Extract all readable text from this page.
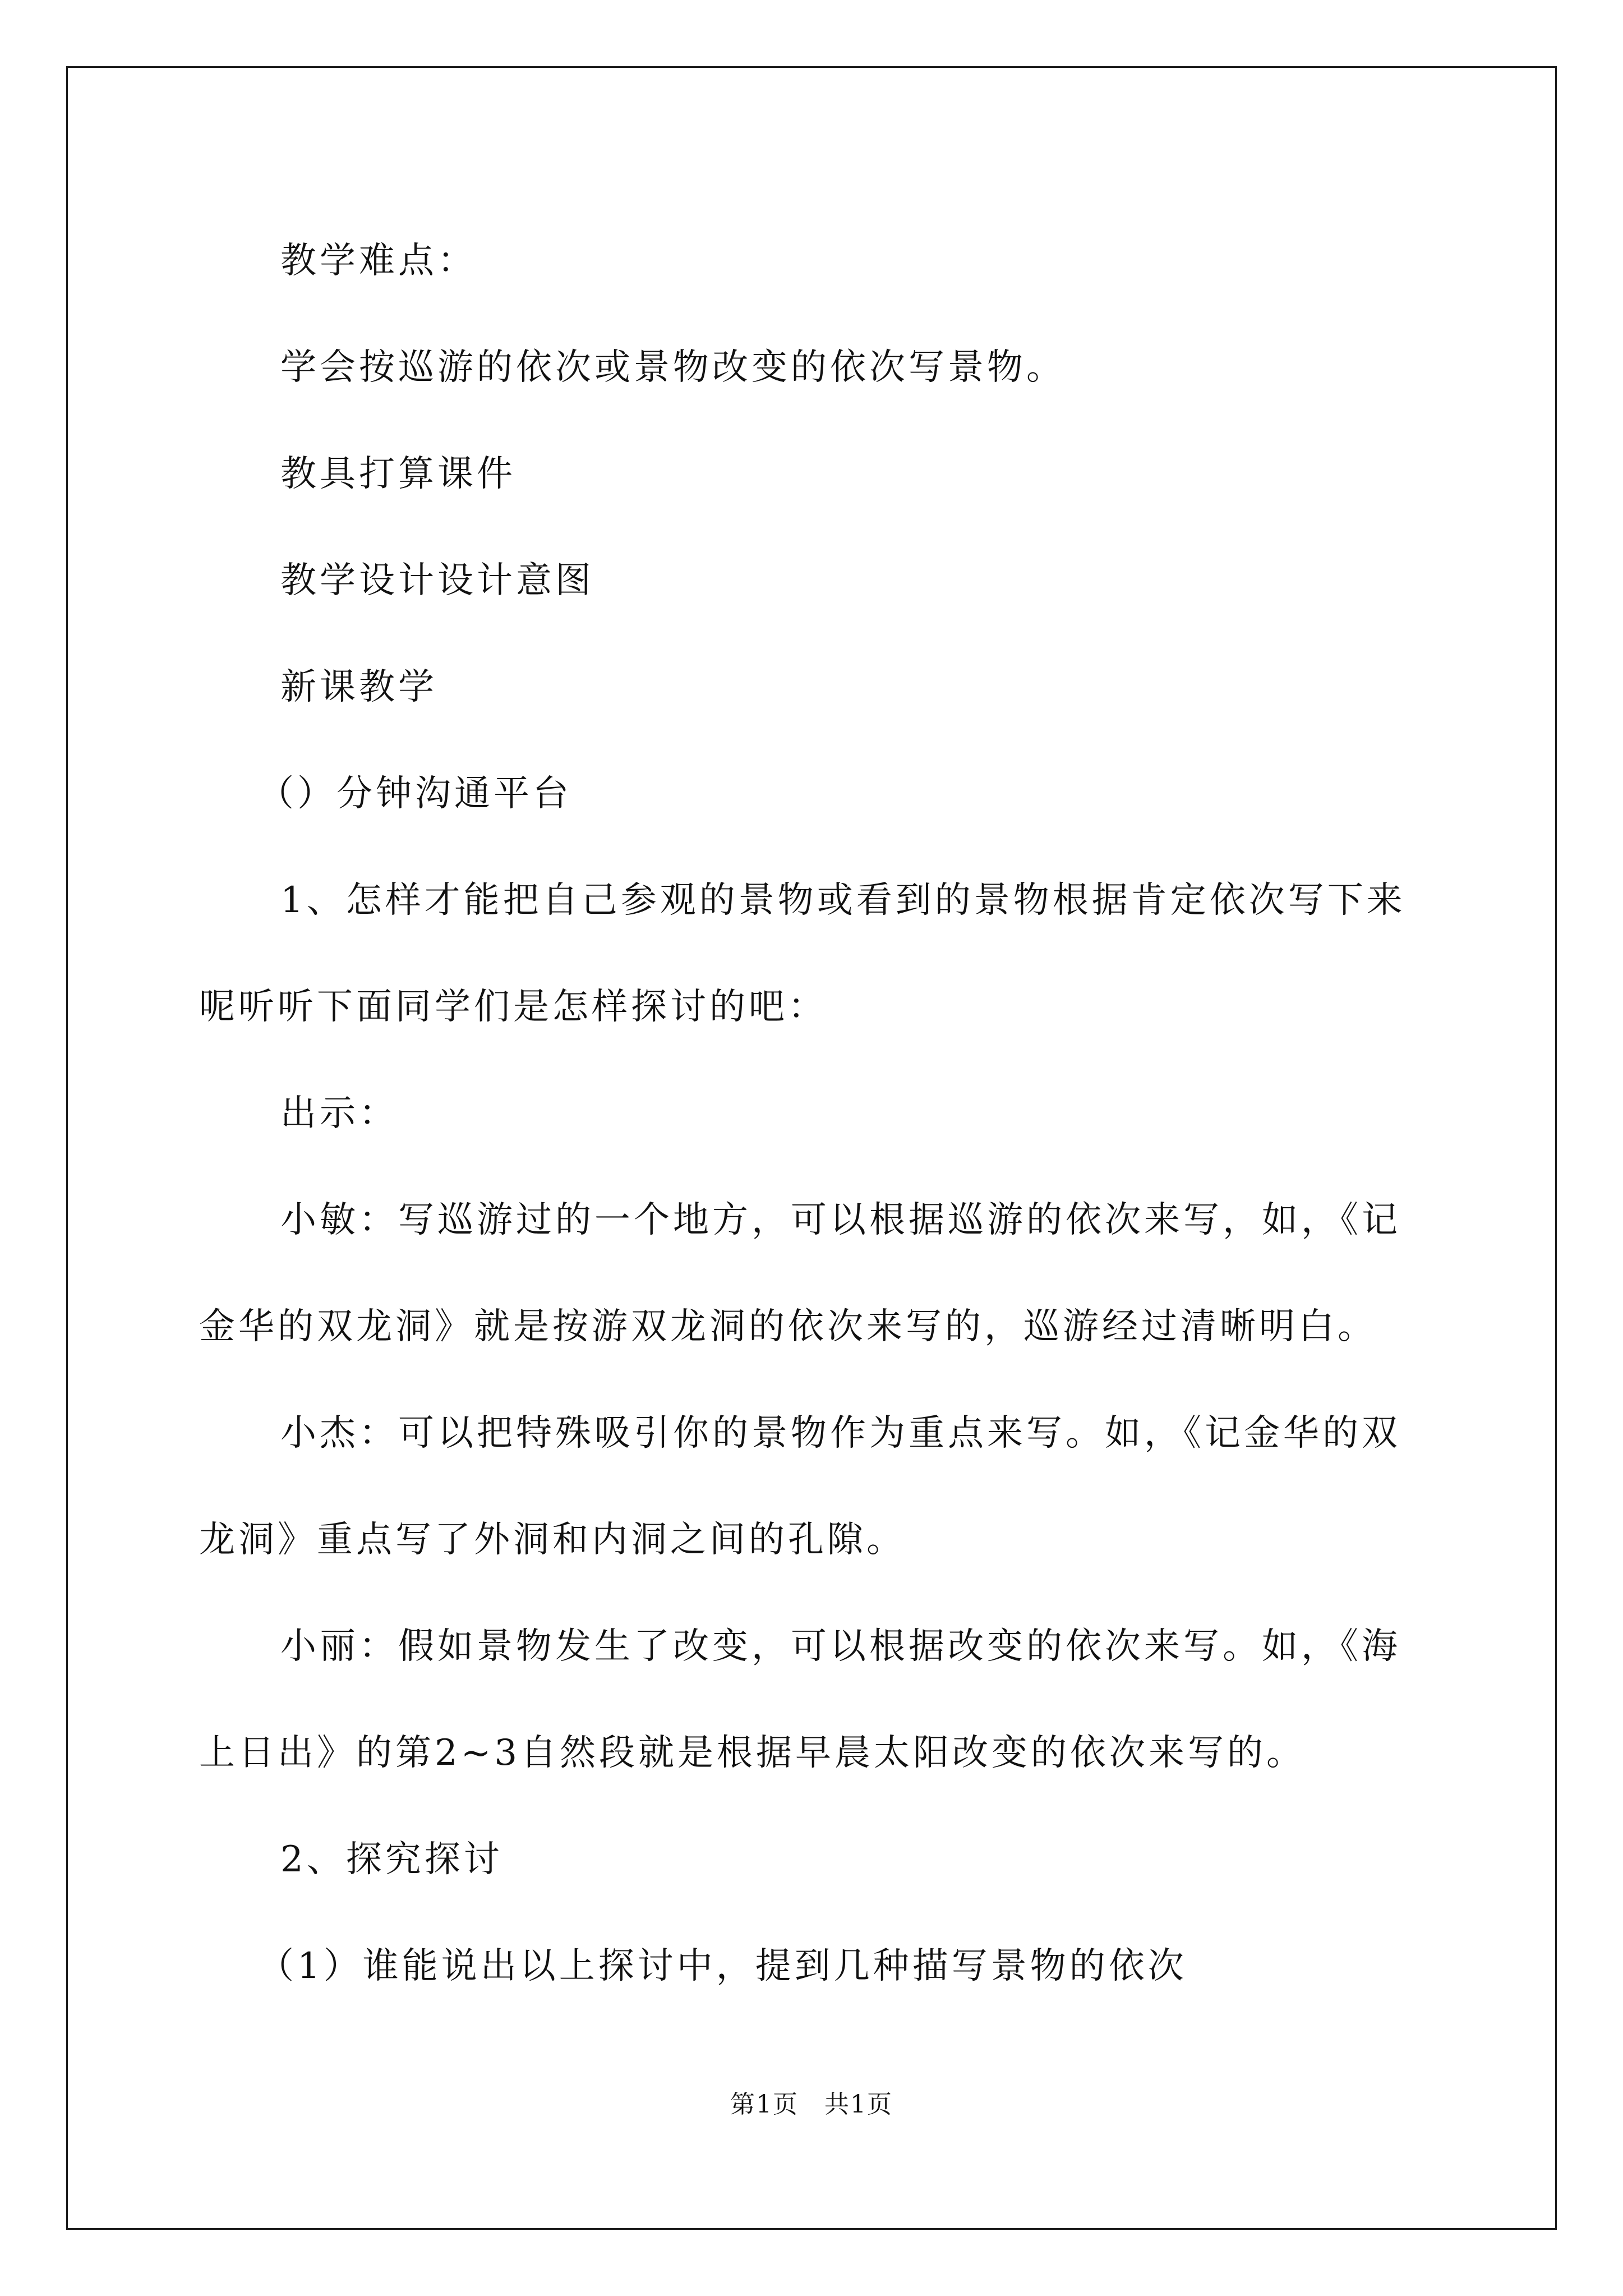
教学难点：

学会按巡游的依次或景物改变的依次写景物。

教具打算课件

教学设计设计意图

新课教学

（）分钟沟通平台

1、怎样才能把自己参观的景物或看到的景物根据肯定依次写下来

呢听听下面同学们是怎样探讨的吧：

出示：

小敏：写巡游过的一个地方，可以根据巡游的依次来写，如，《记

金华的双龙洞》就是按游双龙洞的依次来写的，巡游经过清晰明白。

小杰：可以把特殊吸引你的景物作为重点来写。如，《记金华的双

龙洞》重点写了外洞和内洞之间的孔隙。

小丽：假如景物发生了改变，可以根据改变的依次来写。如，《海

上日出》的第2~3自然段就是根据早晨太阳改变的依次来写的。

2、探究探讨

（1）谁能说出以上探讨中，提到几种描写景物的依次

第1页　共1页
